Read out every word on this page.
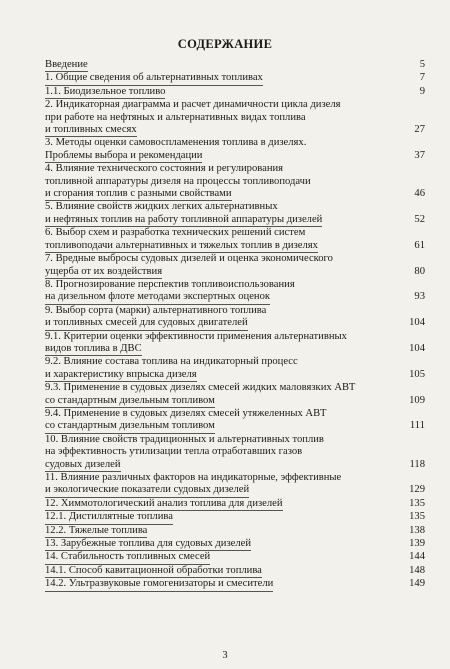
СОДЕРЖАНИЕ
Введение	5
1. Общие сведения об альтернативных топливах	7
1.1. Биодизельное топливо	9
2. Индикаторная диаграмма и расчет динамичности цикла дизеля
при работе на нефтяных и альтернативных видах топлива
и топливных смесях	27
3. Методы оценки самовоспламенения топлива в дизелях.
Проблемы выбора и рекомендации	37
4. Влияние технического состояния и регулирования
топливной аппаратуры дизеля на процессы топливоподачи
и сгорания топлив с разными свойствами	46
5. Влияние свойств жидких легких альтернативных
и нефтяных топлив на работу топливной аппаратуры дизелей	52
6. Выбор схем и разработка технических решений систем
топливоподачи альтернативных и тяжелых топлив в дизелях	61
7. Вредные выбросы судовых дизелей и оценка экономического
ущерба от их воздействия	80
8. Прогнозирование перспектив топливоиспользования
на дизельном флоте методами экспертных оценок	93
9. Выбор сорта (марки) альтернативного топлива
и топливных смесей для судовых двигателей	104
9.1. Критерии оценки эффективности применения альтернативных
видов топлива в ДВС	104
9.2. Влияние состава топлива на индикаторный процесс
и характеристику впрыска дизеля	105
9.3. Применение в судовых дизелях смесей жидких маловязких АВТ
со стандартным дизельным топливом	109
9.4. Применение в судовых дизелях смесей утяжеленных АВТ
со стандартным дизельным топливом	111
10. Влияние свойств традиционных и альтернативных топлив
на эффективность утилизации тепла отработавших газов
судовых дизелей	118
11. Влияние различных факторов на индикаторные, эффективные
и экологические показатели судовых дизелей	129
12. Химмотологический анализ топлива для дизелей	135
12.1. Дистиллятные топлива	135
12.2. Тяжелые топлива	138
13. Зарубежные топлива для судовых дизелей	139
14. Стабильность топливных смесей	144
14.1. Способ кавитационной обработки топлива	148
14.2. Ультразвуковые гомогенизаторы и смесители	149
3
